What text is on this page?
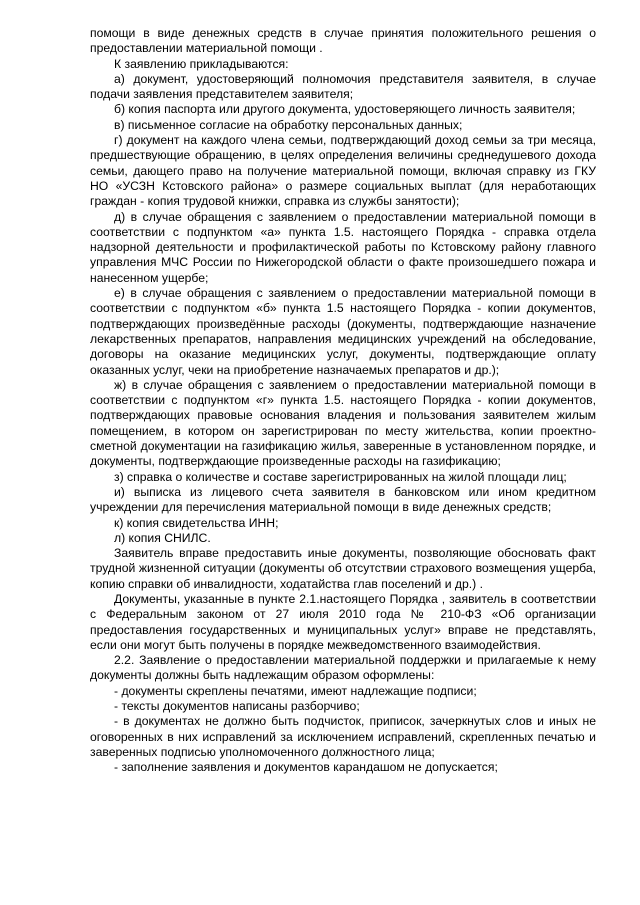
помощи в виде денежных средств в случае принятия положительного решения о предоставлении материальной помощи .

К заявлению прикладываются:

а) документ, удостоверяющий полномочия представителя заявителя, в случае подачи заявления представителем заявителя;

б) копия паспорта или другого документа, удостоверяющего личность заявителя;

в) письменное согласие на обработку персональных данных;

г) документ на каждого члена семьи, подтверждающий доход семьи за три месяца, предшествующие обращению, в целях определения величины среднедушевого дохода семьи, дающего право на получение материальной помощи, включая справку из ГКУ НО «УСЗН Кстовского района» о размере социальных выплат (для неработающих граждан - копия трудовой книжки, справка из службы занятости);

д) в случае обращения с заявлением о предоставлении материальной помощи в соответствии с подпунктом «а» пункта 1.5. настоящего Порядка - справка отдела надзорной деятельности и профилактической работы по Кстовскому району главного управления МЧС России по Нижегородской области о факте произошедшего пожара и нанесенном ущербе;

е) в случае обращения с заявлением о предоставлении материальной помощи в соответствии с подпунктом «б» пункта 1.5 настоящего Порядка - копии документов, подтверждающих произведённые расходы (документы, подтверждающие назначение лекарственных препаратов, направления медицинских учреждений на обследование, договоры на оказание медицинских услуг, документы, подтверждающие оплату оказанных услуг, чеки на приобретение назначаемых препаратов и др.);

ж) в случае обращения с заявлением о предоставлении материальной помощи в соответствии с подпунктом «г» пункта 1.5. настоящего Порядка - копии документов, подтверждающих правовые основания владения и пользования заявителем жилым помещением, в котором он зарегистрирован по месту жительства, копии проектно-сметной документации на газификацию жилья, заверенные в установленном порядке, и документы, подтверждающие произведенные расходы на газификацию;

з) справка о количестве и составе зарегистрированных на жилой площади лиц;

и) выписка из лицевого счета заявителя в банковском или ином кредитном учреждении для перечисления материальной помощи в виде денежных средств;

к) копия свидетельства ИНН;

л) копия СНИЛС.

Заявитель вправе предоставить иные документы, позволяющие обосновать факт трудной жизненной ситуации (документы об отсутствии страхового возмещения ущерба, копию справки об инвалидности, ходатайства глав поселений и др.) .

Документы, указанные в пункте 2.1.настоящего Порядка , заявитель в соответствии с Федеральным законом от 27 июля 2010 года № 210-ФЗ «Об организации предоставления государственных и муниципальных услуг» вправе не представлять, если они могут быть получены в порядке межведомственного взаимодействия.

2.2. Заявление о предоставлении материальной поддержки и прилагаемые к нему документы должны быть надлежащим образом оформлены:

- документы скреплены печатями, имеют надлежащие подписи;

- тексты документов написаны разборчиво;

- в документах не должно быть подчисток, приписок, зачеркнутых слов и иных не оговоренных в них исправлений за исключением исправлений, скрепленных печатью и заверенных подписью уполномоченного должностного лица;

- заполнение заявления и документов карандашом не допускается;
